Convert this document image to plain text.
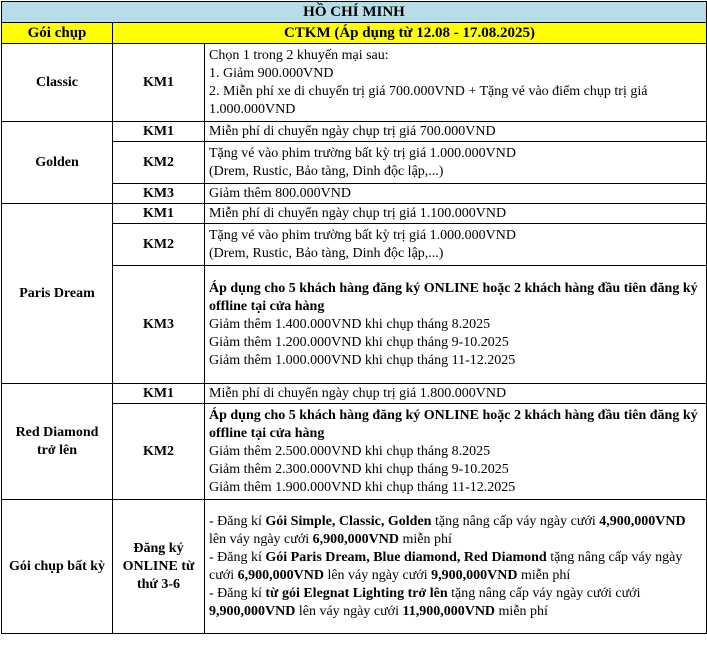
HỒ CHÍ MINH		
Gói chụp	CTKM (Áp dụng từ 12.08 - 17.08.2025)	
Classic	KM1	Chọn 1 trong 2 khuyến mại sau:
1. Giảm 900.000VND
2. Miễn phí xe di chuyển trị giá 700.000VND + Tặng vé vào điểm chụp trị giá 1.000.000VND

Golden	KM1	Miễn phí di chuyển ngày chụp trị giá 700.000VND
	KM2	Tặng vé vào phim trường bất kỳ trị giá 1.000.000VND
(Drem, Rustic, Bảo tàng, Dinh độc lập,...)

	KM3	Giảm thêm 800.000VND
Paris Dream	KM1	Miễn phí di chuyển ngày chụp trị giá 1.100.000VND
	KM2	Tặng vé vào phim trường bất kỳ trị giá 1.000.000VND
(Drem, Rustic, Bảo tàng, Dinh độc lập,...)

	KM3	Áp dụng cho 5 khách hàng đăng ký ONLINE hoặc 2 khách hàng đầu tiên đăng ký offline tại cửa hàng
Giảm thêm 1.400.000VND khi chụp tháng 8.2025
Giảm thêm 1.200.000VND khi chụp tháng 9-10.2025
Giảm thêm 1.000.000VND khi chụp tháng 11-12.2025

Red Diamond trở lên	KM1	Miễn phí di chuyển ngày chụp trị giá 1.800.000VND
	KM2	Áp dụng cho 5 khách hàng đăng ký ONLINE hoặc 2 khách hàng đầu tiên đăng ký offline tại cửa hàng
Giảm thêm 2.500.000VND khi chụp tháng 8.2025
Giảm thêm 2.300.000VND khi chụp tháng 9-10.2025
Giảm thêm 1.900.000VND khi chụp tháng 11-12.2025

Gói chụp bất kỳ	Đăng ký ONLINE từ thứ 3-6	- Đăng kí Gói Simple, Classic, Golden tặng nâng cấp váy ngày cưới 4,900,000VND lên váy ngày cưới 6,900,000VND miễn phí

- Đăng kí Gói Paris Dream, Blue diamond, Red Diamond tặng nâng cấp váy ngày cưới 6,900,000VND lên váy ngày cưới 9,900,000VND miễn phí

- Đăng kí từ gói Elegnat Lighting trở lên tặng nâng cấp váy ngày cưới cưới 9,900,000VND lên váy ngày cưới 11,900,000VND miễn phí
